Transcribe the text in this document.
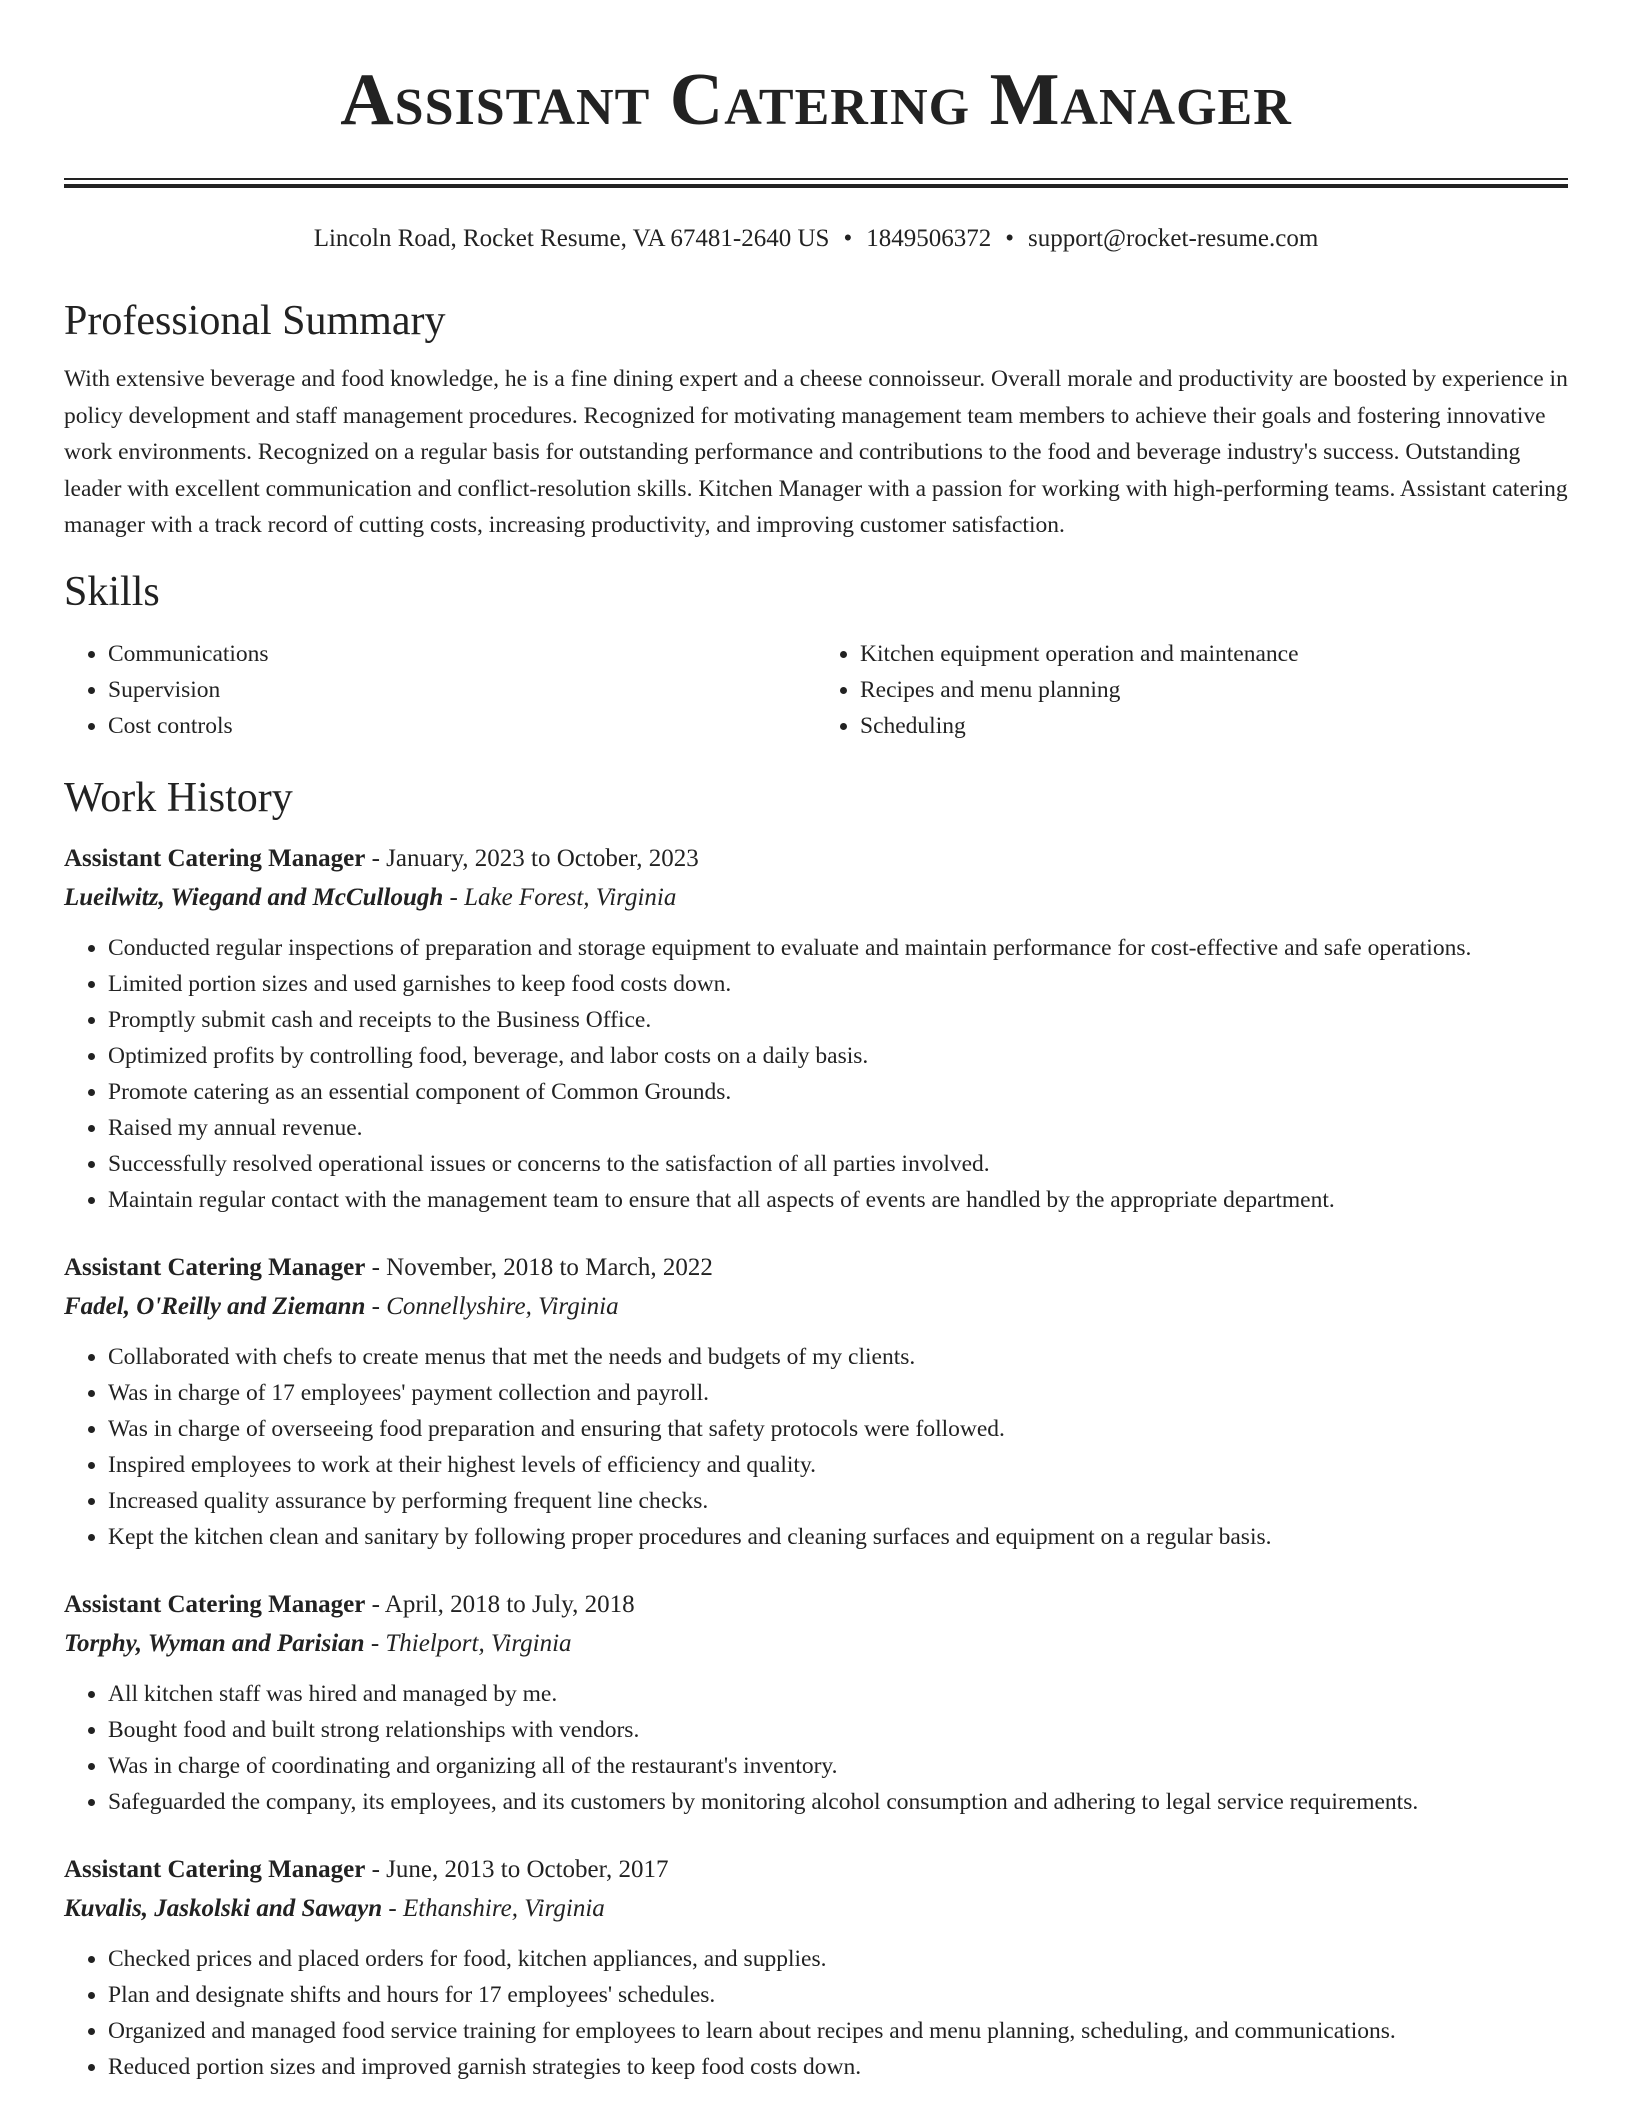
Assistant Catering Manager
Lincoln Road, Rocket Resume, VA 67481-2640 US • 1849506372 • support@rocket-resume.com
Professional Summary
With extensive beverage and food knowledge, he is a fine dining expert and a cheese connoisseur. Overall morale and productivity are boosted by experience in policy development and staff management procedures. Recognized for motivating management team members to achieve their goals and fostering innovative work environments. Recognized on a regular basis for outstanding performance and contributions to the food and beverage industry's success. Outstanding leader with excellent communication and conflict-resolution skills. Kitchen Manager with a passion for working with high-performing teams. Assistant catering manager with a track record of cutting costs, increasing productivity, and improving customer satisfaction.
Skills
• Communications
• Supervision
• Cost controls
• Kitchen equipment operation and maintenance
• Recipes and menu planning
• Scheduling
Work History
Assistant Catering Manager - January, 2023 to October, 2023
Lueilwitz, Wiegand and McCullough - Lake Forest, Virginia
• Conducted regular inspections of preparation and storage equipment to evaluate and maintain performance for cost-effective and safe operations.
• Limited portion sizes and used garnishes to keep food costs down.
• Promptly submit cash and receipts to the Business Office.
• Optimized profits by controlling food, beverage, and labor costs on a daily basis.
• Promote catering as an essential component of Common Grounds.
• Raised my annual revenue.
• Successfully resolved operational issues or concerns to the satisfaction of all parties involved.
• Maintain regular contact with the management team to ensure that all aspects of events are handled by the appropriate department.
Assistant Catering Manager - November, 2018 to March, 2022
Fadel, O'Reilly and Ziemann - Connellyshire, Virginia
• Collaborated with chefs to create menus that met the needs and budgets of my clients.
• Was in charge of 17 employees' payment collection and payroll.
• Was in charge of overseeing food preparation and ensuring that safety protocols were followed.
• Inspired employees to work at their highest levels of efficiency and quality.
• Increased quality assurance by performing frequent line checks.
• Kept the kitchen clean and sanitary by following proper procedures and cleaning surfaces and equipment on a regular basis.
Assistant Catering Manager - April, 2018 to July, 2018
Torphy, Wyman and Parisian - Thielport, Virginia
• All kitchen staff was hired and managed by me.
• Bought food and built strong relationships with vendors.
• Was in charge of coordinating and organizing all of the restaurant's inventory.
• Safeguarded the company, its employees, and its customers by monitoring alcohol consumption and adhering to legal service requirements.
Assistant Catering Manager - June, 2013 to October, 2017
Kuvalis, Jaskolski and Sawayn - Ethanshire, Virginia
• Checked prices and placed orders for food, kitchen appliances, and supplies.
• Plan and designate shifts and hours for 17 employees' schedules.
• Organized and managed food service training for employees to learn about recipes and menu planning, scheduling, and communications.
• Reduced portion sizes and improved garnish strategies to keep food costs down.
